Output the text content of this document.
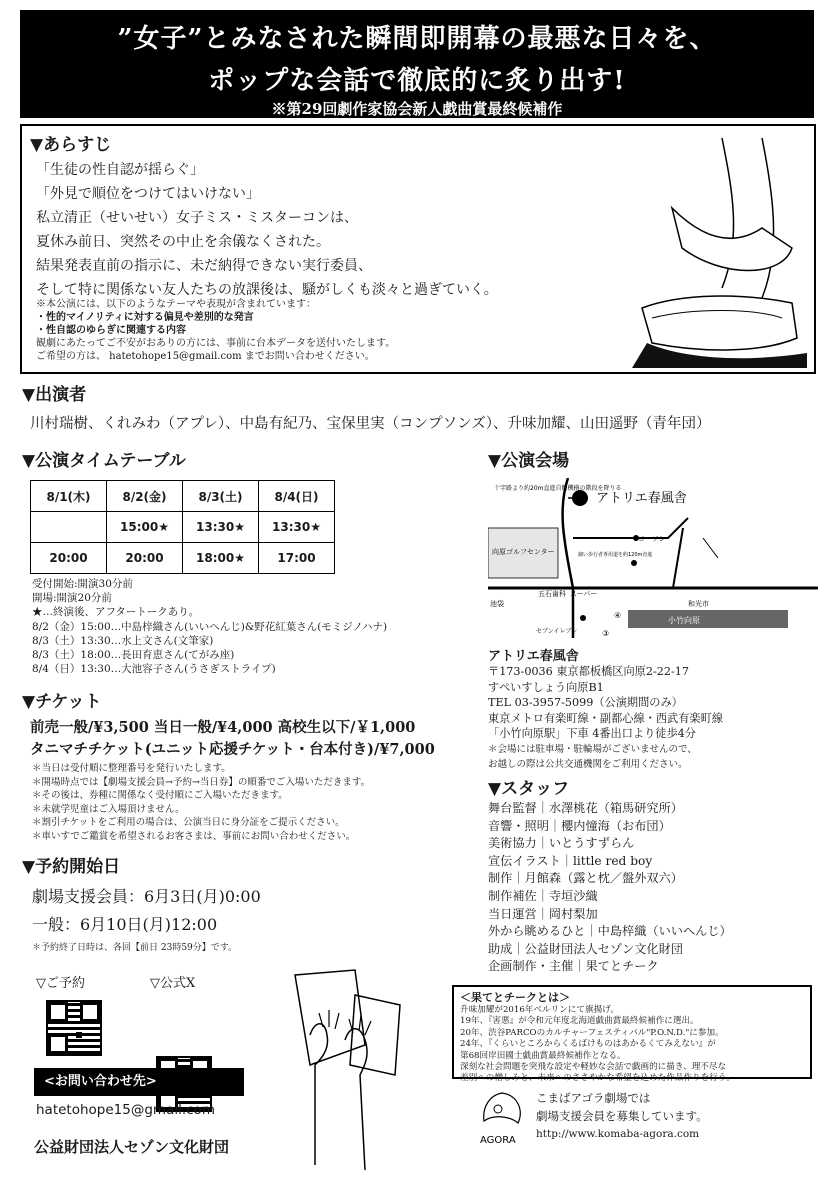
”女子”とみなされた瞬間即開幕の最悪な日々を、
ポップな会話で徹底的に炙り出す!
※第29回劇作家協会新人戯曲賞最終候補作
▼あらすじ
「生徒の性自認が揺らぐ」
「外見で順位をつけてはいけない」
私立清正（せいせい）女子ミス・ミスターコンは、
夏休み前日、突然その中止を余儀なくされた。
結果発表直前の指示に、未だ納得できない実行委員、
そして特に関係ない友人たちの放課後は、騒がしくも淡々と過ぎていく。
※本公演には、以下のようなテーマや表現が含まれています：
・性的マイノリティに対する偏見や差別的な発言
・性自認のゆらぎに関連する内容
観劇にあたってご不安がおありの方には、事前に台本データを送付いたします。
ご希望の方は、 hatetohope15@gmail.com までお問い合わせください。
▼出演者
川村瑞樹、くれみわ（アプレ）、中島有紀乃、宝保里実（コンプソンズ）、升味加耀、山田遥野（青年団）
▼公演タイムテーブル
8/1(木)	8/2(金)	8/3(土)	8/4(日)
	15:00★	13:30★	13:30★
20:00	20:00	18:00★	17:00
受付開始:開演30分前
開場:開演20分前
★…終演後、アフタートークあり。
8/2（金）15:00…中島梓織さん(いいへんじ)&野花紅葉さん(モミジノハナ)
8/3（土）13:30…水上文さん(文筆家)
8/3（土）18:00…長田育恵さん(てがみ座)
8/4（日）13:30…大池容子さん(うさぎストライプ)
▼チケット
前売一般/¥3,500 当日一般/¥4,000 高校生以下/￥1,000
タニマチチケット(ユニット応援チケット・台本付き)/¥7,000
＊当日は受付順に整理番号を発行いたします。
＊開場時点では【劇場支援会員→予約→当日券】の順番でご入場いただきます。
＊その後は、券種に関係なく受付順にご入場いただきます。
＊未就学児童はご入場頂けません。
＊割引チケットをご利用の場合は、公演当日に身分証をご提示ください。
＊車いすでご鑑賞を希望されるお客さまは、事前にお問い合わせください。
▼予約開始日
劇場支援会員：6月3日(月)0:00
一般：6月10日(月)12:00
＊予約終了日時は、各回【前日 23時59分】です。
▽ご予約	▽公式X
<お問い合わせ先>
hatetohope15@gmail.com
公益財団法人セゾン文化財団
▼公演会場
アトリエ春風舎
十字路より約20m直進自販機横の階段を降りる
向原ゴルフセンター	細い歩行者専用道を約120m直進
ローソン
池袋
五石歯科 スーパー
セブンイレブン
和光市
小竹向原
④
③
アトリエ春風舎
〒173-0036 東京都板橋区向原2-22-17
すぺいすしょう向原B1
TEL 03-3957-5099（公演期間のみ）
東京メトロ有楽町線・副都心線・西武有楽町線
「小竹向原駅」下車 4番出口より徒歩4分
＊会場には駐車場・駐輪場がございませんので、
お越しの際は公共交通機関をご利用ください。
▼スタッフ
舞台監督｜水澤桃花（箱馬研究所）
音響・照明｜櫻内憧海（お布団）
美術協力｜いとうすずらん
宣伝イラスト｜little red boy
制作｜月館森（露と枕／盤外双六）
制作補佐｜寺垣沙織
当日運営｜岡村梨加
外から眺めるひと｜中島梓織（いいへんじ）
助成｜公益財団法人セゾン文化財団
企画制作・主催｜果てとチーク
＜果てとチークとは＞
升味加耀が2016年ベルリンにて旗揚げ。
19年、『害悪』が令和元年度北海道戯曲賞最終候補作に選出。
20年、渋谷PARCOのカルチャーフェスティバル"P.O.N.D."に参加。
24年、『くらいところからくるばけものはあかるくてみえない』が
第68回岸田國士戯曲賞最終候補作となる。
深刻な社会問題を突飛な設定や軽妙な会話で戯画的に描き、理不尽な
差別への憎しみと、未来へのささやかな希望を込めた作品作りを行う。
AGORA
こまばアゴラ劇場では
劇場支援会員を募集しています。
http://www.komaba-agora.com
